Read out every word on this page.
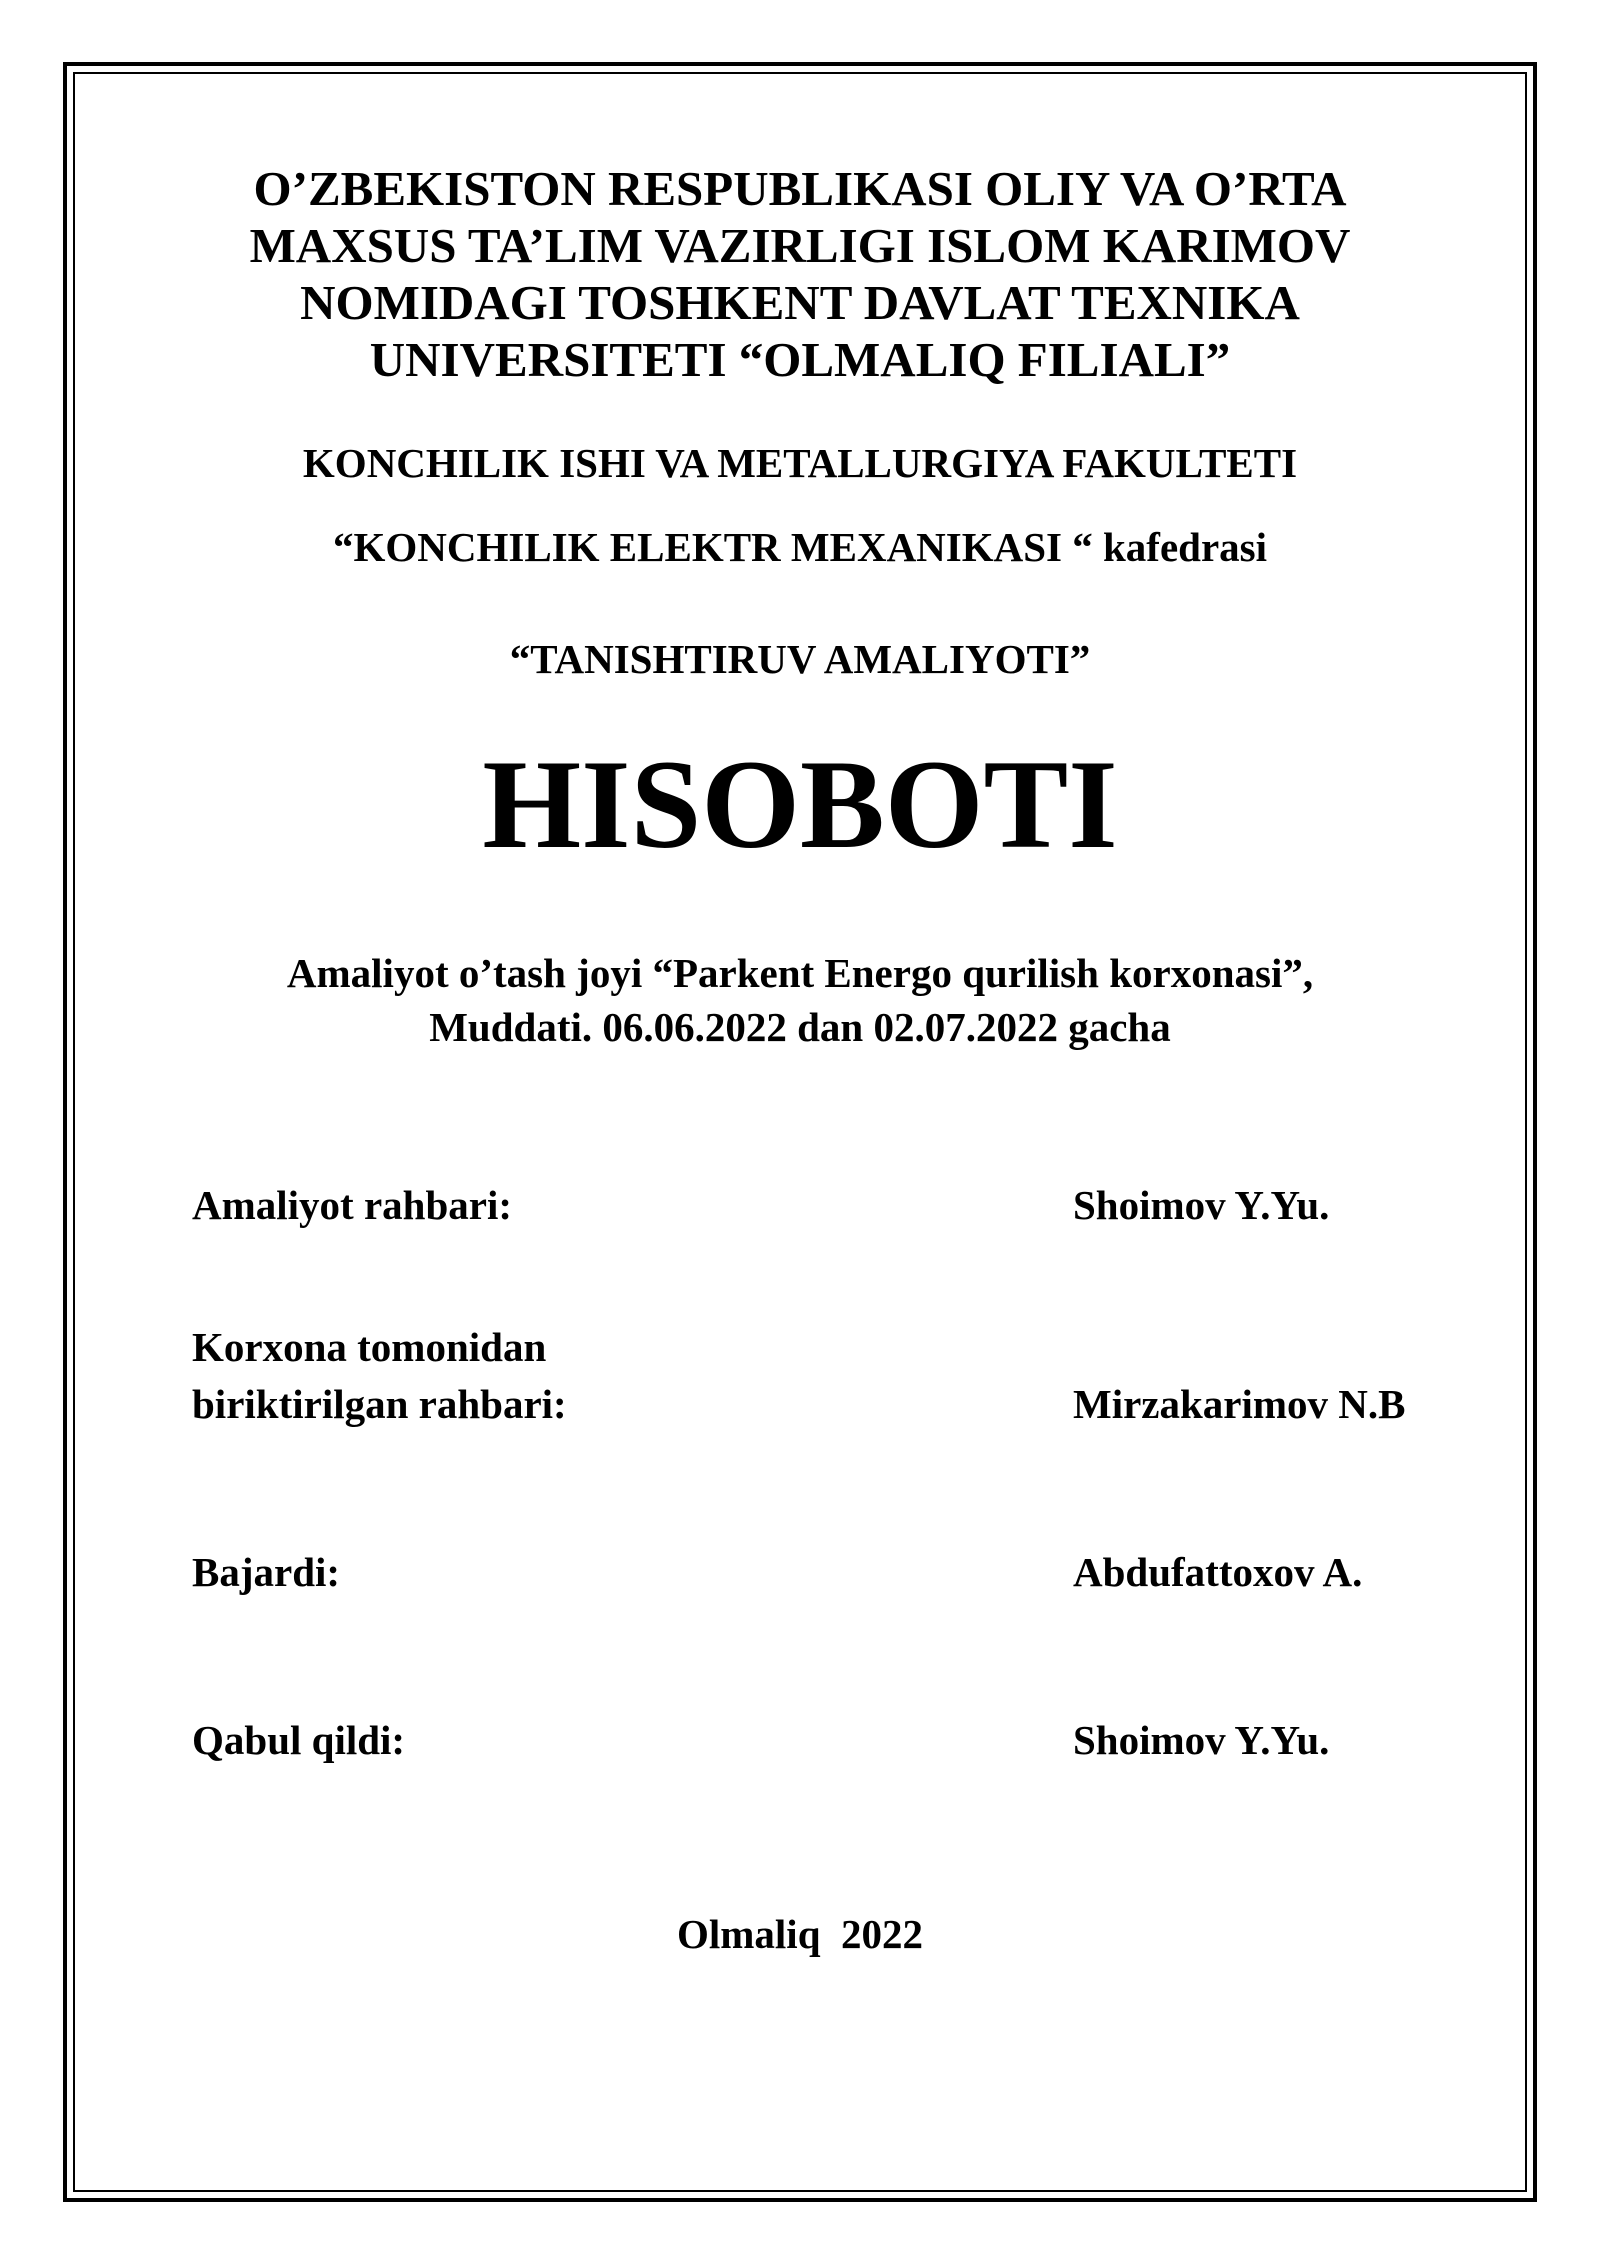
O’ZBEKISTON RESPUBLIKASI OLIY VA O’RTA
MAXSUS TA’LIM VAZIRLIGI ISLOM KARIMOV
NOMIDAGI TOSHKENT DAVLAT TEXNIKA
UNIVERSITETI “OLMALIQ FILIALI”
KONCHILIK ISHI VA METALLURGIYA FAKULTETI
“KONCHILIK ELEKTR MEXANIKASI “ kafedrasi
“TANISHTIRUV AMALIYOTI”
HISOBOTI
Amaliyot o’tash joyi “Parkent Energo qurilish korxonasi”,
Muddati. 06.06.2022 dan 02.07.2022 gacha
Amaliyot rahbari:	Shoimov Y.Yu.
Korxona tomonidan
biriktirilgan rahbari:	Mirzakarimov N.B
Bajardi:	Abdufattoxov A.
Qabul qildi:	Shoimov Y.Yu.
Olmaliq  2022
